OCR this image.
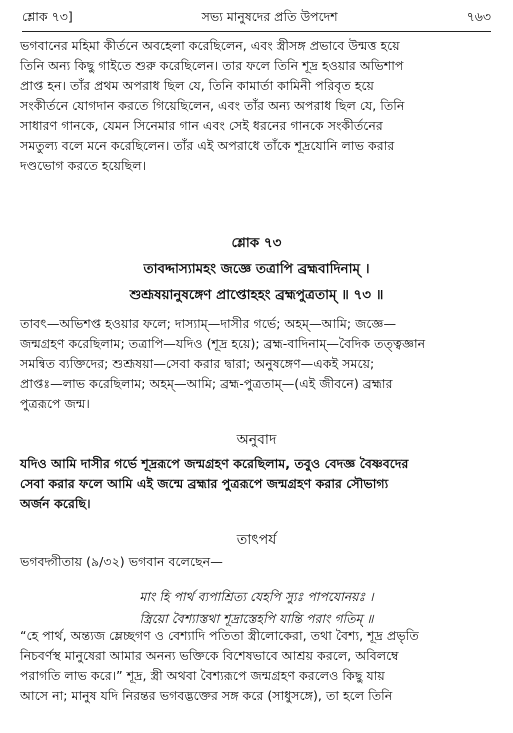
শ্লোক ৭৩]	সভ্য মানুষদের প্রতি উপদেশ	৭৬৩

ভগবানের মহিমা কীর্তনে অবহেলা করেছিলেন, এবং স্ত্রীসঙ্গ প্রভাবে উন্মত্ত হয়ে

তিনি অন্য কিছু গাইতে শুরু করেছিলেন। তার ফলে তিনি শূদ্র হওয়ার অভিশাপ

প্রাপ্ত হন। তাঁর প্রথম অপরাধ ছিল যে, তিনি কামার্তা কামিনী পরিবৃত হয়ে

সংকীর্তনে যোগদান করতে গিয়েছিলেন, এবং তাঁর অন্য অপরাধ ছিল যে, তিনি

সাধারণ গানকে, যেমন সিনেমার গান এবং সেই ধরনের গানকে সংকীর্তনের

সমতুল্য বলে মনে করেছিলেন। তাঁর এই অপরাধে তাঁকে শূদ্রযোনি লাভ করার

দণ্ডভোগ করতে হয়েছিল।

শ্লোক ৭৩

তাবদ্দাস্যামহং জজ্ঞে তত্রাপি ব্রহ্মবাদিনাম্ ।

শুশ্রূষয়ানুষঙ্গেণ প্রাপ্তোহহং ব্রহ্মপুত্রতাম্ ॥ ৭৩ ॥

তাবৎ—অভিশপ্ত হওয়ার ফলে; দাস্যাম্—দাসীর গর্ভে; অহম্—আমি; জজ্ঞে—

জন্মগ্রহণ করেছিলাম; তত্রাপি—যদিও (শূদ্র হয়ে); ব্রহ্ম-বাদিনাম্—বৈদিক তত্ত্বজ্ঞান

সমন্বিত ব্যক্তিদের; শুশ্রূষয়া—সেবা করার দ্বারা; অনুষঙ্গেণ—একই সময়ে;

প্রাপ্তঃ—লাভ করেছিলাম; অহম্—আমি; ব্রহ্ম-পুত্রতাম্—(এই জীবনে) ব্রহ্মার

পুত্ররূপে জন্ম।

অনুবাদ

যদিও আমি দাসীর গর্ভে শূদ্ররূপে জন্মগ্রহণ করেছিলাম, তবুও বেদজ্ঞ বৈষ্ণবদের

সেবা করার ফলে আমি এই জন্মে ব্রহ্মার পুত্ররূপে জন্মগ্রহণ করার সৌভাগ্য

অর্জন করেছি।

তাৎপর্য

ভগবদ্গীতায় (৯/৩২) ভগবান বলেছেন—

মাং হি পার্থ ব্যপাশ্রিত্য যেহপি স্যুঃ পাপযোনয়ঃ ।

স্ত্রিয়ো বৈশ্যাস্তথা শূদ্রাস্তেহপি যান্তি পরাং গতিম্ ॥

“হে পার্থ, অন্ত্যজ ম্লেচ্ছগণ ও বেশ্যাদি পতিতা স্ত্রীলোকেরা, তথা বৈশ্য, শূদ্র প্রভৃতি

নিচবর্ণস্থ মানুষেরা আমার অনন্য ভক্তিকে বিশেষভাবে আশ্রয় করলে, অবিলম্বে

পরাগতি লাভ করে।” শূদ্র, স্ত্রী অথবা বৈশ্যরূপে জন্মগ্রহণ করলেও কিছু যায়

আসে না; মানুষ যদি নিরন্তর ভগবদ্ভক্তের সঙ্গ করে (সাধুসঙ্গে), তা হলে তিনি
